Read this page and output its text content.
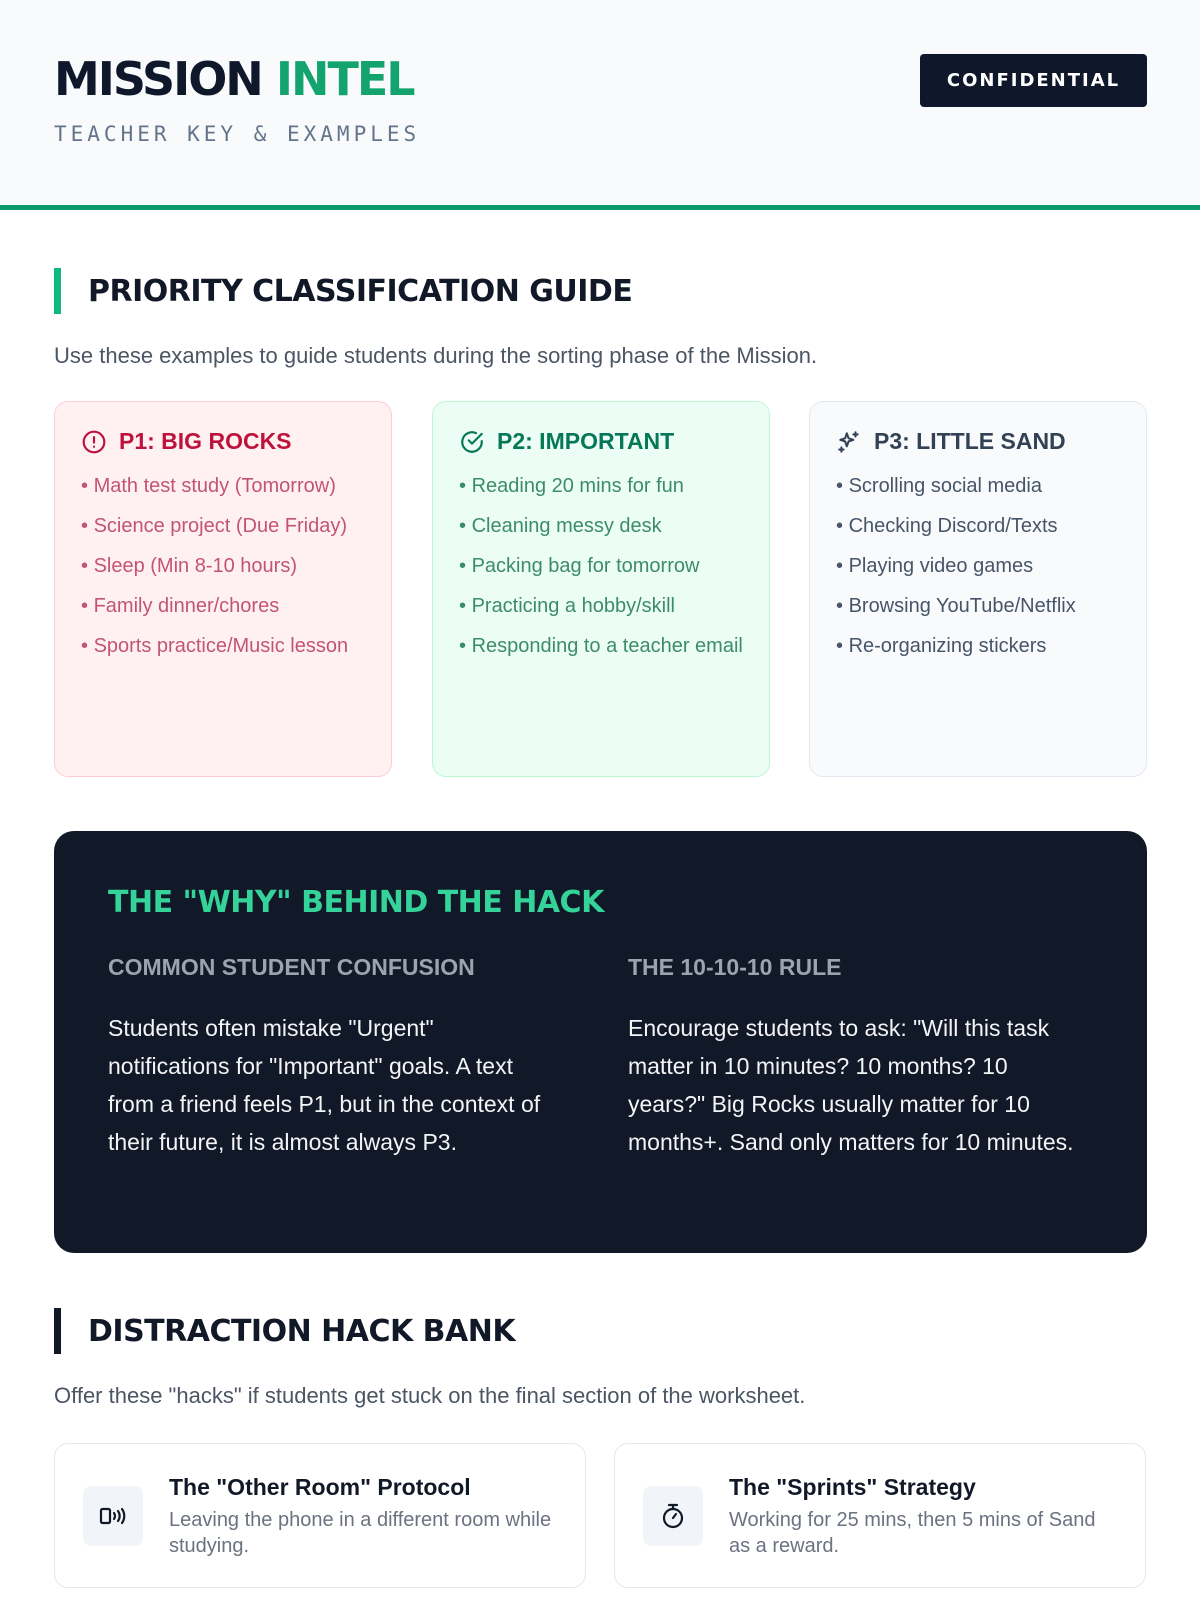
MISSION INTEL
TEACHER KEY & EXAMPLES
CONFIDENTIAL
PRIORITY CLASSIFICATION GUIDE

Use these examples to guide students during the sorting phase of the Mission.

P1: BIG ROCKS
• Math test study (Tomorrow)
• Science project (Due Friday)
• Sleep (Min 8-10 hours)
• Family dinner/chores
• Sports practice/Music lesson
P2: IMPORTANT
• Reading 20 mins for fun
• Cleaning messy desk
• Packing bag for tomorrow
• Practicing a hobby/skill
• Responding to a teacher email
P3: LITTLE SAND
• Scrolling social media
• Checking Discord/Texts
• Playing video games
• Browsing YouTube/Netflix
• Re-organizing stickers
THE "WHY" BEHIND THE HACK
COMMON STUDENT CONFUSION

Students often mistake "Urgent" notifications for "Important" goals. A text from a friend feels P1, but in the context of their future, it is almost always P3.

THE 10-10-10 RULE

Encourage students to ask: "Will this task matter in 10 minutes? 10 months? 10 years?" Big Rocks usually matter for 10 months+. Sand only matters for 10 minutes.

DISTRACTION HACK BANK

Offer these "hacks" if students get stuck on the final section of the worksheet.

The "Other Room" Protocol
Leaving the phone in a different room while studying.
The "Sprints" Strategy
Working for 25 mins, then 5 mins of Sand as a reward.
